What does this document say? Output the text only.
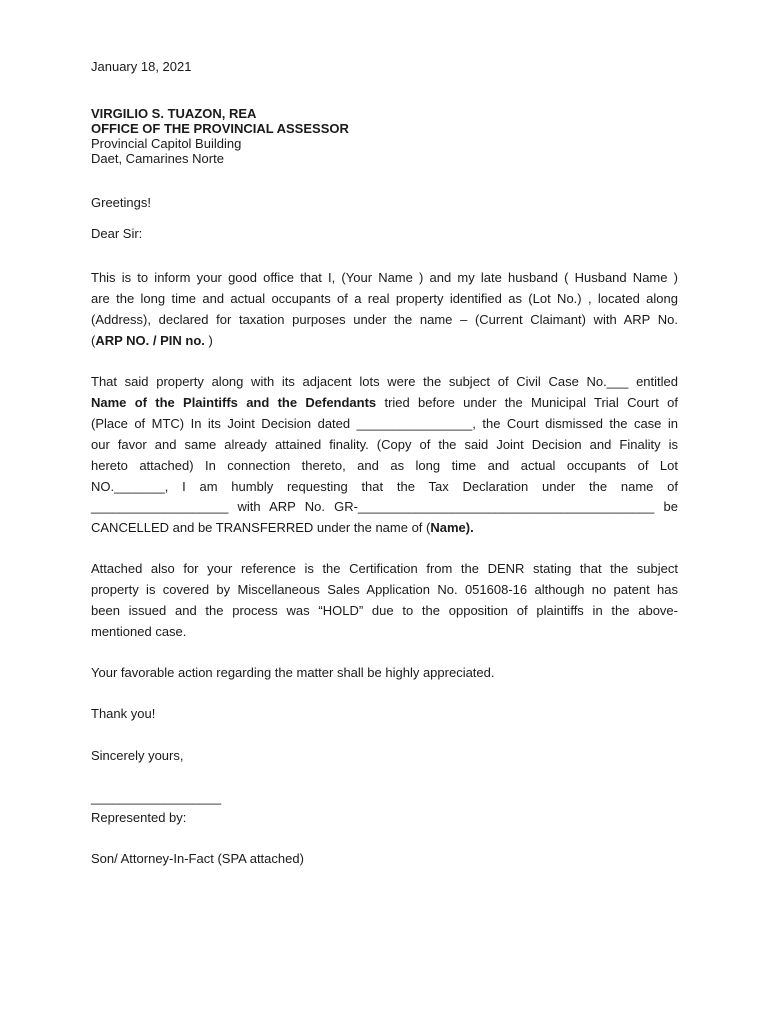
January 18, 2021
VIRGILIO S. TUAZON, REA
OFFICE OF THE PROVINCIAL ASSESSOR
Provincial Capitol Building
Daet, Camarines Norte
Greetings!
Dear Sir:
This is to inform your good office that I, (Your Name ) and my late husband ( Husband Name )
are the long time and actual occupants of a real property identified as (Lot No.) , located along
(Address), declared for taxation purposes under the name – (Current Claimant) with ARP No.
(ARP NO. / PIN no. )
That said property along with its adjacent lots were the subject of Civil Case No.___ entitled
Name of the Plaintiffs and the Defendants tried before under the Municipal Trial Court of
(Place of MTC) In its Joint Decision dated ________________, the Court dismissed the case in
our favor and same already attained finality. (Copy of the said Joint Decision and Finality is
hereto attached) In connection thereto, and as long time and actual occupants of Lot
NO._______, I am humbly requesting that the Tax Declaration under the name of
___________________ with ARP No. GR-_________________________________________ be
CANCELLED and be TRANSFERRED under the name of (Name).
Attached also for your reference is the Certification from the DENR stating that the subject
property is covered by Miscellaneous Sales Application No. 051608-16 although no patent has
been issued and the process was “HOLD” due to the opposition of plaintiffs in the above-
mentioned case.
Your favorable action regarding the matter shall be highly appreciated.
Thank you!
Sincerely yours,
__________________
Represented by:
Son/ Attorney-In-Fact (SPA attached)
